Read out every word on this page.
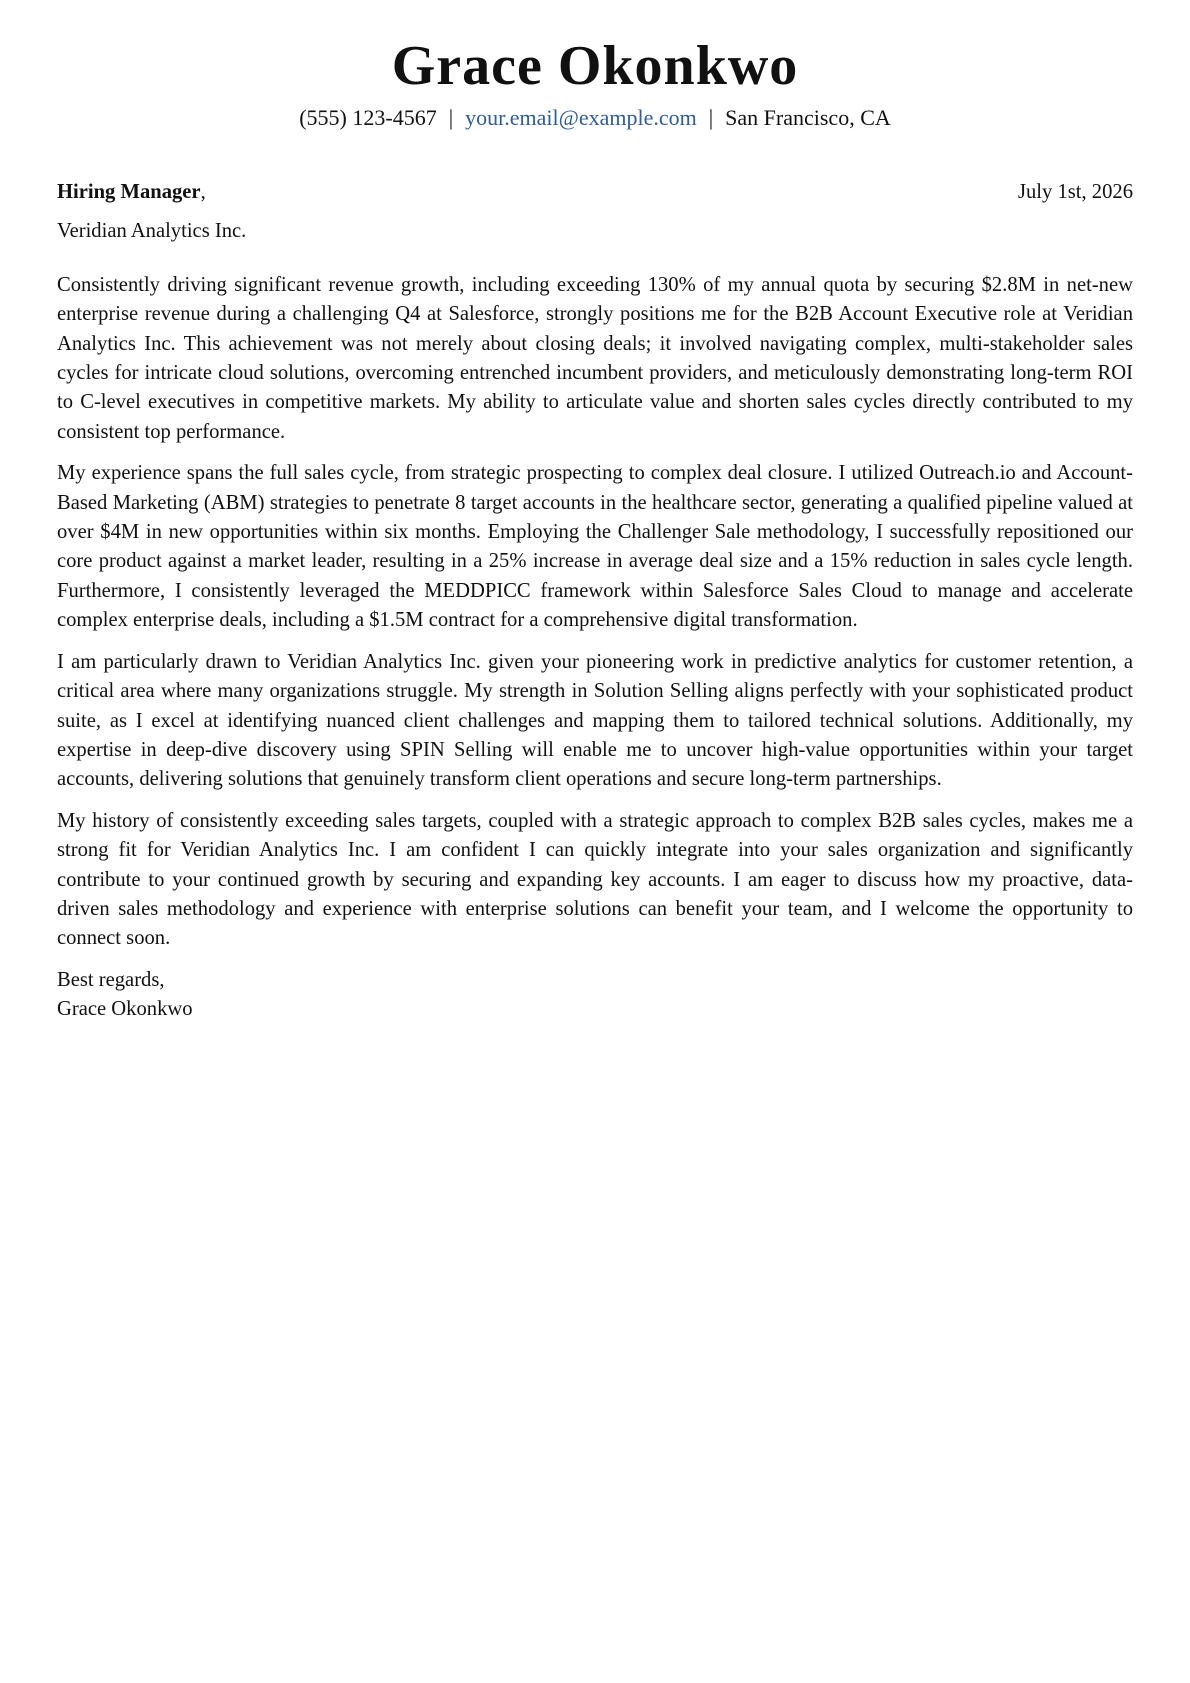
Grace Okonkwo
(555) 123-4567 | your.email@example.com | San Francisco, CA
Hiring Manager,	July 1st, 2026
Veridian Analytics Inc.

Consistently driving significant revenue growth, including exceeding 130% of my annual quota by securing $2.8M in net-new enterprise revenue during a challenging Q4 at Salesforce, strongly positions me for the B2B Account Executive role at Veridian Analytics Inc. This achievement was not merely about closing deals; it involved navigating complex, multi-stakeholder sales cycles for intricate cloud solutions, overcoming entrenched incumbent providers, and meticulously demonstrating long-term ROI to C-level executives in competitive markets. My ability to articulate value and shorten sales cycles directly contributed to my consistent top performance.

My experience spans the full sales cycle, from strategic prospecting to complex deal closure. I utilized Outreach.io and Account-Based Marketing (ABM) strategies to penetrate 8 target accounts in the healthcare sector, generating a qualified pipeline valued at over $4M in new opportunities within six months. Employing the Challenger Sale methodology, I successfully repositioned our core product against a market leader, resulting in a 25% increase in average deal size and a 15% reduction in sales cycle length. Furthermore, I consistently leveraged the MEDDPICC framework within Salesforce Sales Cloud to manage and accelerate complex enterprise deals, including a $1.5M contract for a comprehensive digital transformation.

I am particularly drawn to Veridian Analytics Inc. given your pioneering work in predictive analytics for customer retention, a critical area where many organizations struggle. My strength in Solution Selling aligns perfectly with your sophisticated product suite, as I excel at identifying nuanced client challenges and mapping them to tailored technical solutions. Additionally, my expertise in deep-dive discovery using SPIN Selling will enable me to uncover high-value opportunities within your target accounts, delivering solutions that genuinely transform client operations and secure long-term partnerships.

My history of consistently exceeding sales targets, coupled with a strategic approach to complex B2B sales cycles, makes me a strong fit for Veridian Analytics Inc. I am confident I can quickly integrate into your sales organization and significantly contribute to your continued growth by securing and expanding key accounts. I am eager to discuss how my proactive, data-driven sales methodology and experience with enterprise solutions can benefit your team, and I welcome the opportunity to connect soon.

Best regards,
Grace Okonkwo
